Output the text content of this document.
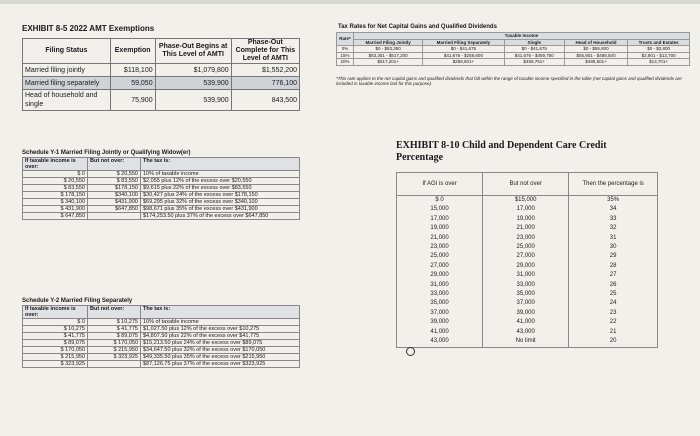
EXHIBIT 8-5 2022 AMT Exemptions
Filing Status	Exemption	Phase-Out Begins at This Level of AMTI	Phase-Out Complete for This Level of AMTI
Married filing jointly	$118,100	$1,079,800	$1,552,200
Married filing separately	59,050	539,900	776,100
Head of household and single	75,900	539,900	843,500
Schedule Y-1 Married Filing Jointly or Qualifying Widow(er)
If taxable income is over:	But not over:	The tax is:
$ 0	$ 20,550	10% of taxable income
$ 20,550	$ 83,550	$2,055 plus 12% of the excess over $20,550
$ 83,550	$178,150	$9,615 plus 22% of the excess over $83,550
$ 178,150	$340,100	$30,427 plus 24% of the excess over $178,150
$ 340,100	$431,900	$69,295 plus 32% of the excess over $340,100
$ 431,900	$647,850	$98,671 plus 35% of the excess over $431,900
$ 647,850		$174,253.50 plus 37% of the excess over $647,850
Schedule Y-2 Married Filing Separately
If taxable income is over:	But not over:	The tax is:
$ 0	$ 10,275	10% of taxable income
$ 10,275	$ 41,775	$1,027.50 plus 12% of the excess over $10,275
$ 41,775	$ 89,075	$4,807.50 plus 22% of the excess over $41,775
$ 89,075	$ 170,050	$15,213.50 plus 24% of the excess over $89,075
$ 170,050	$ 215,950	$34,647.50 plus 32% of the excess over $170,050
$ 215,950	$ 323,925	$49,335.50 plus 35% of the excess over $215,950
$ 323,925		$87,126.75 plus 37% of the excess over $323,925
Tax Rates for Net Capital Gains and Qualified Dividends
Rate*	Taxable Income				
	Married Filing Jointly	Married Filing Separately	Single	Head of Household	Trusts and Estates
0%	$0 - $83,350	$0 - $41,675	$0 - $41,675	$0 - $55,800	$0 - $2,800
15%	$83,351 - $517,200	$41,676 - $258,600	$41,676 - $459,750	$55,801 - $488,500	$2,801 - $13,700
20%	$517,201+	$258,601+	$459,751+	$488,501+	$13,701+
*This rate applies to the net capital gains and qualified dividends that fall within the range of taxable income specified in the table (net capital gains and qualified dividends are included in taxable income last for this purpose).
EXHIBIT 8-10 Child and Dependent Care Credit Percentage
If AGI is over	But not over	Then the percentage is
$ 0	$15,000	35%
15,000	17,000	34
17,000	19,000	33
19,000	21,000	32
21,000	23,000	31
23,000	25,000	30
25,000	27,000	29
27,000	29,000	28
29,000	31,000	27
31,000	33,000	26
33,000	35,000	25
35,000	37,000	24
37,000	39,000	23
39,000	41,000	22
41,000	43,000	21
43,000	No limit	20
